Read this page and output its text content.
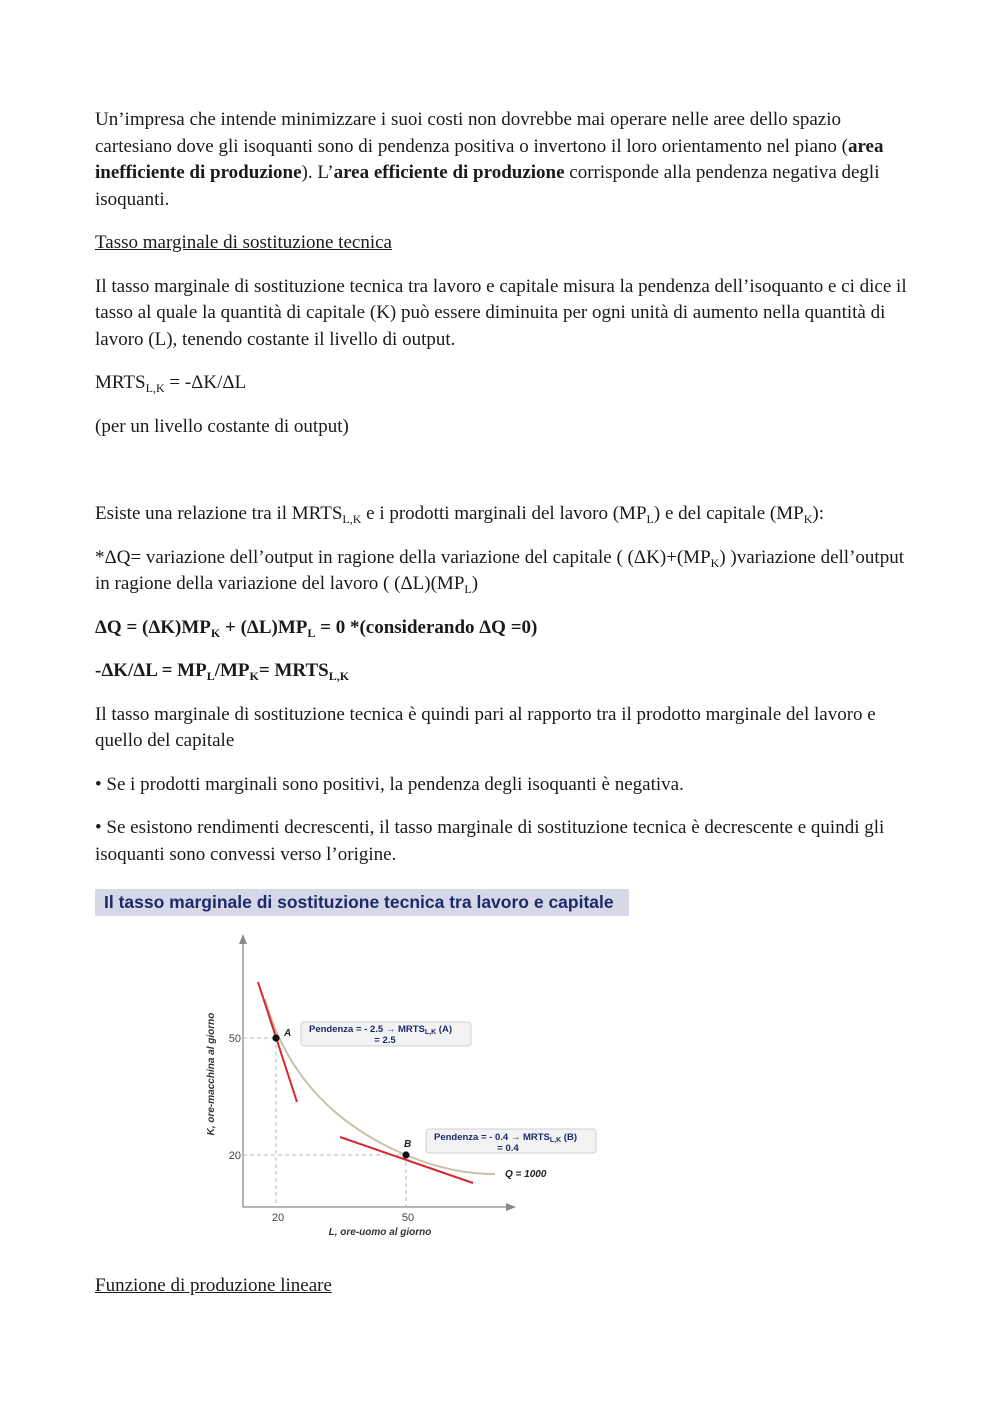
Un’impresa che intende minimizzare i suoi costi non dovrebbe mai operare nelle aree dello spazio cartesiano dove gli isoquanti sono di pendenza positiva o invertono il loro orientamento nel piano (area inefficiente di produzione). L’area efficiente di produzione corrisponde alla pendenza negativa degli isoquanti.

Tasso marginale di sostituzione tecnica

Il tasso marginale di sostituzione tecnica tra lavoro e capitale misura la pendenza dell’isoquanto e ci dice il tasso al quale la quantità di capitale (K) può essere diminuita per ogni unità di aumento nella quantità di lavoro (L), tenendo costante il livello di output.

$MRTS_{L,K} = -\Delta K/\Delta L$

(per un livello costante di output)

Esiste una relazione tra il $MRTS_{L,K}$ e i prodotti marginali del lavoro $(MP_L)$ e del capitale $(MP_K)$:

*ΔQ= variazione dell’output in ragione della variazione del capitale ( $(\Delta K)+(MP_K)$ )variazione dell’output in ragione della variazione del lavoro ( $(\Delta L)(MP_L)$

$\Delta Q = (\Delta K)MP_K + (\Delta L)MP_L = 0$ *(considerando ΔQ =0)

$-\Delta K/\Delta L = MP_L/MP_K=$ $MRTS_{L,K}$

Il tasso marginale di sostituzione tecnica è quindi pari al rapporto tra il prodotto marginale del lavoro e quello del capitale

• Se i prodotti marginali sono positivi, la pendenza degli isoquanti è negativa.

• Se esistono rendimenti decrescenti, il tasso marginale di sostituzione tecnica è decrescente e quindi gli isoquanti sono convessi verso l’origine.

A
B
50
20
20	50
L, ore-uomo al giorno
K, ore-macchina al giorno
Q = 1000
Pendenza = - $2.5 \to MRTS_{L,K}$ (A)
= 2.5
Pendenza = - $0.4 \to MRTS_{L,K}$ (B)
= 0.4
Il tasso marginale di sostituzione tecnica tra lavoro e capitale

Funzione di produzione lineare
